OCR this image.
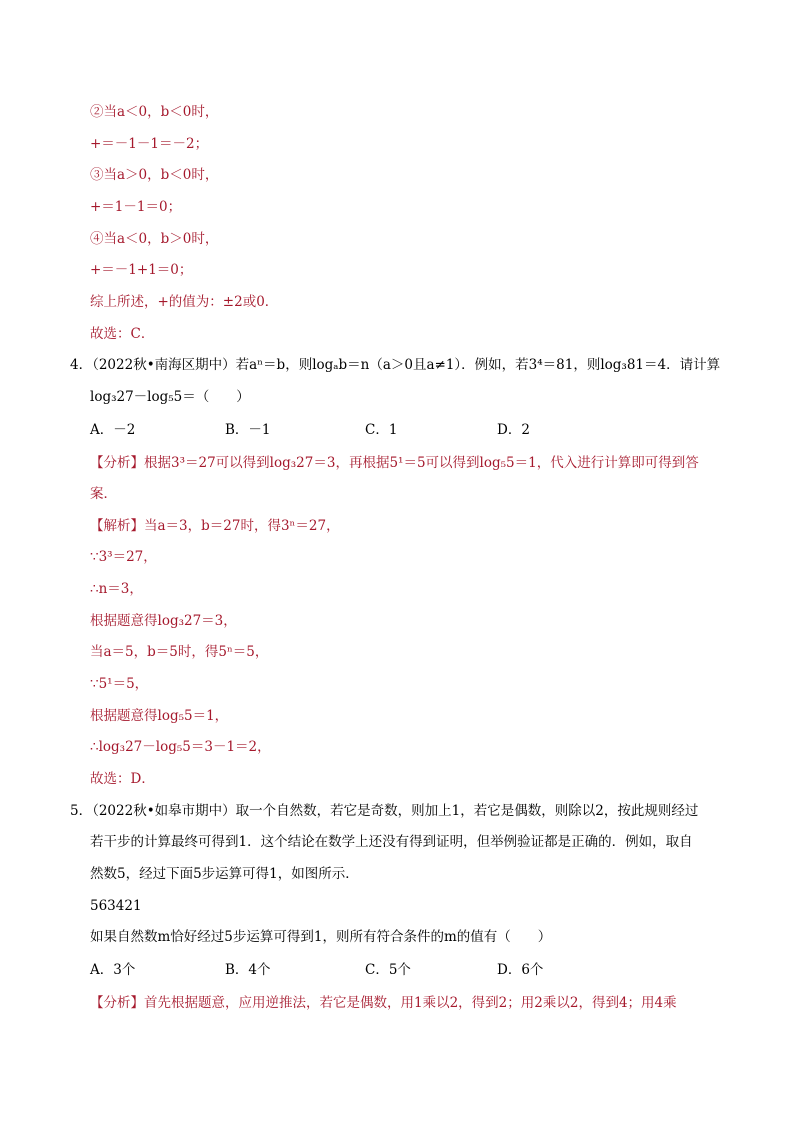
②当a＜0，b＜0时，
+＝－1－1＝－2；
③当a＞0，b＜0时，
+＝1－1＝0；
④当a＜0，b＞0时，
+＝－1+1＝0；
综上所述，+的值为：±2或0．
故选：C．
4．（2022秋•南海区期中）若aⁿ＝b，则logₐb＝n（a＞0且a≠1）．例如，若3⁴＝81，则log₃81＝4．请计算
log₃27－log₅5＝（　　）
A．－2	B．－1	C．1	D．2
【分析】根据3³＝27可以得到log₃27＝3，再根据5¹＝5可以得到log₅5＝1，代入进行计算即可得到答
案．
【解析】当a＝3，b＝27时，得3ⁿ＝27，
∵3³＝27，
∴n＝3，
根据题意得log₃27＝3，
当a＝5，b＝5时，得5ⁿ＝5，
∵5¹＝5，
根据题意得log₅5＝1，
∴log₃27－log₅5＝3－1＝2，
故选：D．
5．（2022秋•如皋市期中）取一个自然数，若它是奇数，则加上1，若它是偶数，则除以2，按此规则经过
若干步的计算最终可得到1．这个结论在数学上还没有得到证明，但举例验证都是正确的．例如，取自
然数5，经过下面5步运算可得1，如图所示．
563421
如果自然数m恰好经过5步运算可得到1，则所有符合条件的m的值有（　　）
A．3个	B．4个	C．5个	D．6个
【分析】首先根据题意，应用逆推法，若它是偶数，用1乘以2，得到2；用2乘以2，得到4；用4乘
